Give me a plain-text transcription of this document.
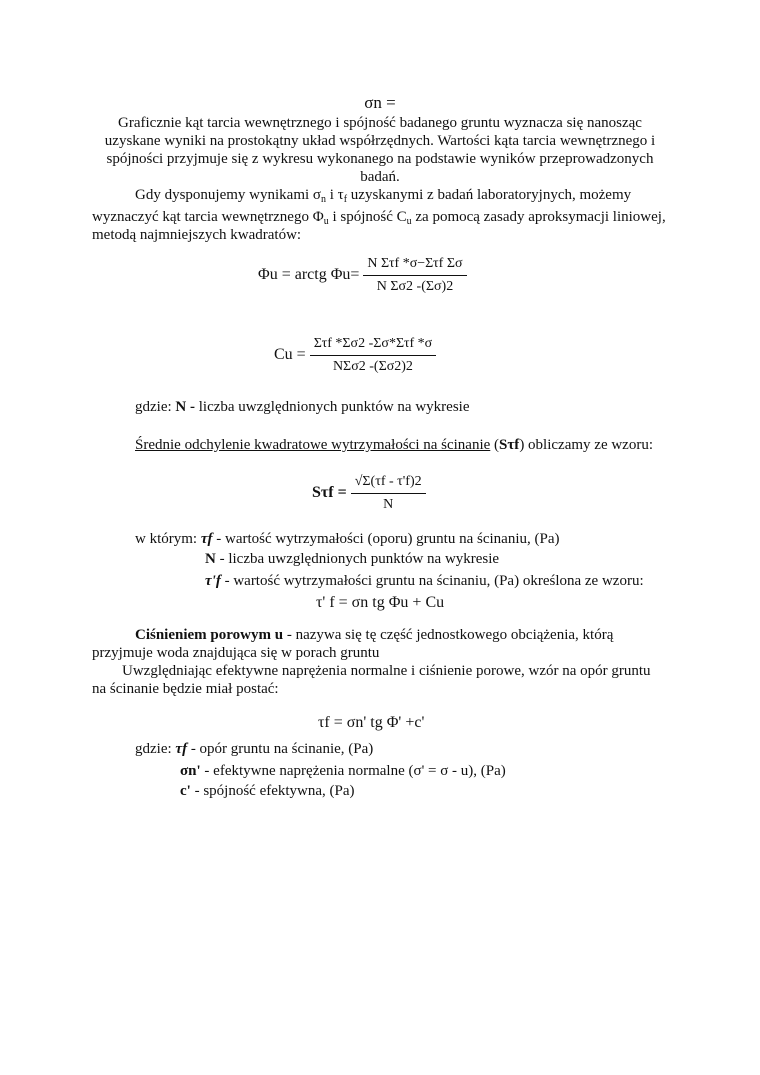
σn =
Graficznie kąt tarcia wewnętrznego i spójność badanego gruntu wyznacza się nanosząc
uzyskane wyniki na prostokątny układ współrzędnych. Wartości kąta tarcia wewnętrznego i
spójności przyjmuje się z wykresu wykonanego na podstawie wyników przeprowadzonych
badań.
Gdy dysponujemy wynikami $\sigma_n$ i $\tau_f$ uzyskanymi z badań laboratoryjnych, możemy
wyznaczyć kąt tarcia wewnętrznego $\Phi_u$ i spójność $C_u$ za pomocą zasady aproksymacji liniowej,
metodą najmniejszych kwadratów:
Φu = arctg $\Phi u= \frac{\text{N Στf *σ−Στf Σσ}}{\text{N Σσ2 -(Σσ)2}}$
$Cu = \frac{\text{Στf *Σσ2 -Σσ*Στf *σ}}{\text{NΣσ2 -(Σσ2)2}}$
gdzie: N - liczba uwzględnionych punktów na wykresie
Średnie odchylenie kwadratowe wytrzymałości na ścinanie (Sτf) obliczamy ze wzoru:
$S\tau f = \frac{√\Sigma(\tau f - \tau'f)2}{N}$
w którym: τf - wartość wytrzymałości (oporu) gruntu na ścinaniu, (Pa)
N - liczba uwzględnionych punktów na wykresie
τ'f - wartość wytrzymałości gruntu na ścinaniu, (Pa) określona ze wzoru:
τ' f = σn tg Φu + Cu
Ciśnieniem porowym u - nazywa się tę część jednostkowego obciążenia, którą
przyjmuje woda znajdująca się w porach gruntu
Uwzględniając efektywne naprężenia normalne i ciśnienie porowe, wzór na opór gruntu
na ścinanie będzie miał postać:
τf = σn' tg Φ' +c'
gdzie: τf - opór gruntu na ścinanie, (Pa)
σn' - efektywne naprężenia normalne (σ' = σ - u), (Pa)
c' - spójność efektywna, (Pa)
